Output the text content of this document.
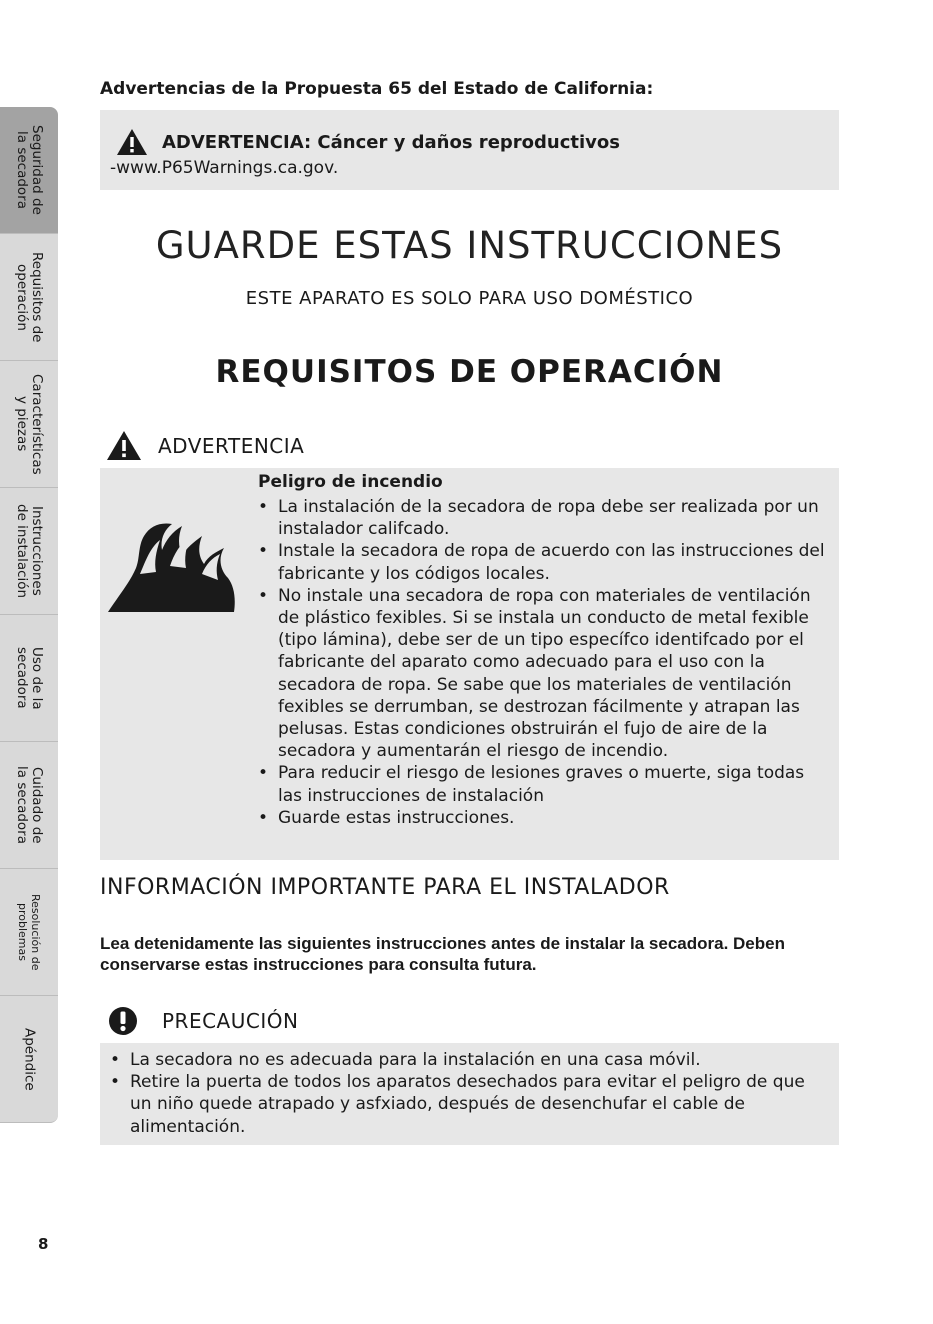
Seguridad de
la secadora
Requisitos de
operación
Características
y piezas
Instrucciones
de instalación
Uso de la
secadora
Cuidado de
la secadora
Resolución de
problemas
Apéndice
Advertencias de la Propuesta 65 del Estado de California:
ADVERTENCIA: Cáncer y daños reproductivos
-www.P65Warnings.ca.gov.
GUARDE ESTAS INSTRUCCIONES
ESTE APARATO ES SOLO PARA USO DOMÉSTICO
REQUISITOS DE OPERACIÓN
ADVERTENCIA
Peligro de incendio
• La instalación de la secadora de ropa debe ser realizada por un instalador califcado.
• Instale la secadora de ropa de acuerdo con las instrucciones del fabricante y los códigos locales.
• No instale una secadora de ropa con materiales de ventilación de plástico fexibles. Si se instala un conducto de metal fexible (tipo lámina), debe ser de un tipo específco identifcado por el fabricante del aparato como adecuado para el uso con la secadora de ropa. Se sabe que los materiales de ventilación fexibles se derrumban, se destrozan fácilmente y atrapan las pelusas. Estas condiciones obstruirán el fujo de aire de la secadora y aumentarán el riesgo de incendio.
• Para reducir el riesgo de lesiones graves o muerte, siga todas las instrucciones de instalación
• Guarde estas instrucciones.
INFORMACIÓN IMPORTANTE PARA EL INSTALADOR
Lea detenidamente las siguientes instrucciones antes de instalar la secadora. Deben conservarse estas instrucciones para consulta futura.
PRECAUCIÓN
• La secadora no es adecuada para la instalación en una casa móvil.
• Retire la puerta de todos los aparatos desechados para evitar el peligro de que un niño quede atrapado y asfxiado, después de desenchufar el cable de alimentación.
8
